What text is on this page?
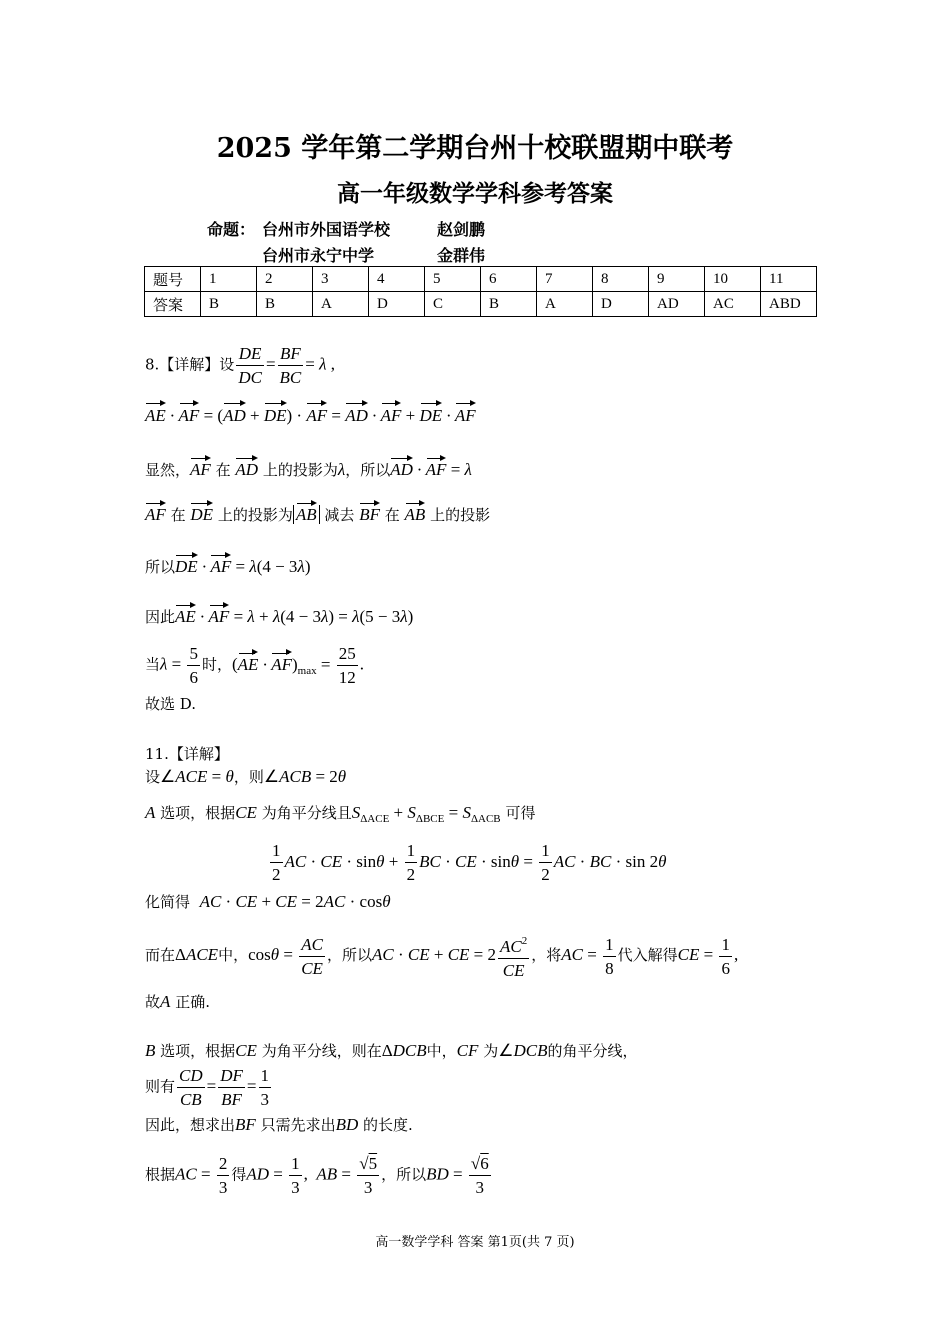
2025 学年第二学期台州十校联盟期中联考
高一年级数学学科参考答案
命题： 台州市外国语学校	赵剑鹏
台州市永宁中学	金群伟
题号	1	2	3	4	5	6	7	8	9	10	11
答案	B	B	A	D	C	B	A	D	AD	AC	ABD
8.【详解】设 $\frac{DE}{DC} = \frac{BF}{BC} = \lambda$ ,
AE · AF = (AD + DE) · AF = AD · AF + DE · AF
显然，AF 在 AD 上的投影为λ，所以AD · AF = λ
AF 在 DE 上的投影为 AB 减去 BF 在 AB 上的投影
所以DE · AF = λ(4 − 3λ)
因此AE · AF = λ + λ(4 − 3λ) = λ(5 − 3λ)
当$\lambda = \frac{5}{6}$ 时，$(AE \cdot AF)_{max} = \frac{25}{12}$ .
故选 D.
11.【详解】
设∠ACE = θ，则∠ACB = 2θ
A 选项，根据CE 为角平分线且$S_{\Delta ACE} + S_{\Delta BCE} = S_{\Delta ACB}$ 可得
$\frac{1}{2}$ AC · CE · $\sin\theta + \frac{1}{2}$ BC · CE · $\sin\theta = \frac{1}{2}$ AC · BC · sin 2θ
化简得 AC · CE + CE = 2AC · cosθ
而在ΔACE中，$\cos\theta = \frac{AC}{CE}$ ，所以AC · CE + CE = $2 \frac{AC^2}{CE}$ ，将AC = $\frac{1}{8}$ 代入解得CE = $\frac{1}{6}$ ,
故A 正确.
B 选项，根据CE 为角平分线，则在ΔDCB中，CF 为∠DCB的角平分线，
则有 $\frac{CD}{CB} = \frac{DF}{BF} = \frac{1}{3}$
因此，想求出BF 只需先求出BD 的长度.
根据AC = $\frac{2}{3}$ 得AD = $\frac{1}{3}$ ,  AB = $\frac{√5}{3}$ ，所以BD = $\frac{√6}{3}$
高一数学学科 答案 第1页(共 7 页)
